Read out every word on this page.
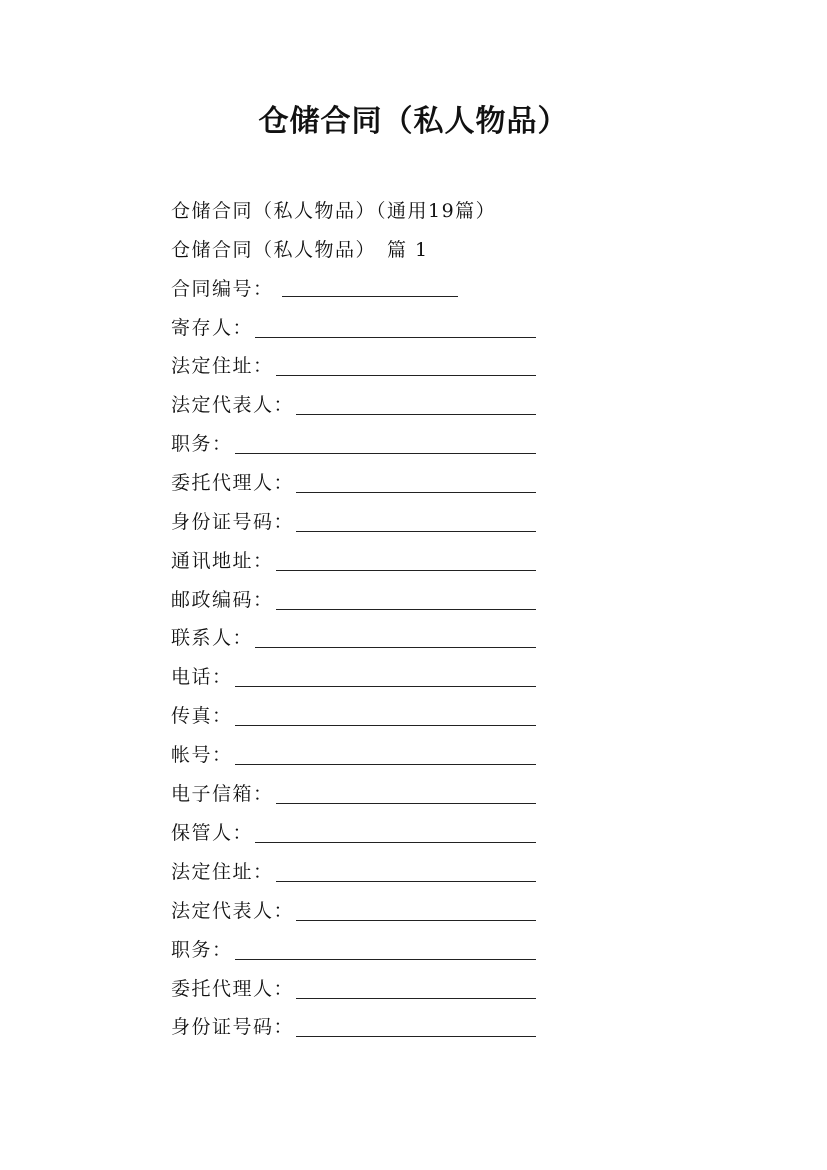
仓储合同（私人物品）
仓储合同（私人物品）（通用19篇）
仓储合同（私人物品）　篇 1
合同编号：
寄存人：
法定住址：
法定代表人：
职务：
委托代理人：
身份证号码：
通讯地址：
邮政编码：
联系人：
电话：
传真：
帐号：
电子信箱：
保管人：
法定住址：
法定代表人：
职务：
委托代理人：
身份证号码：
